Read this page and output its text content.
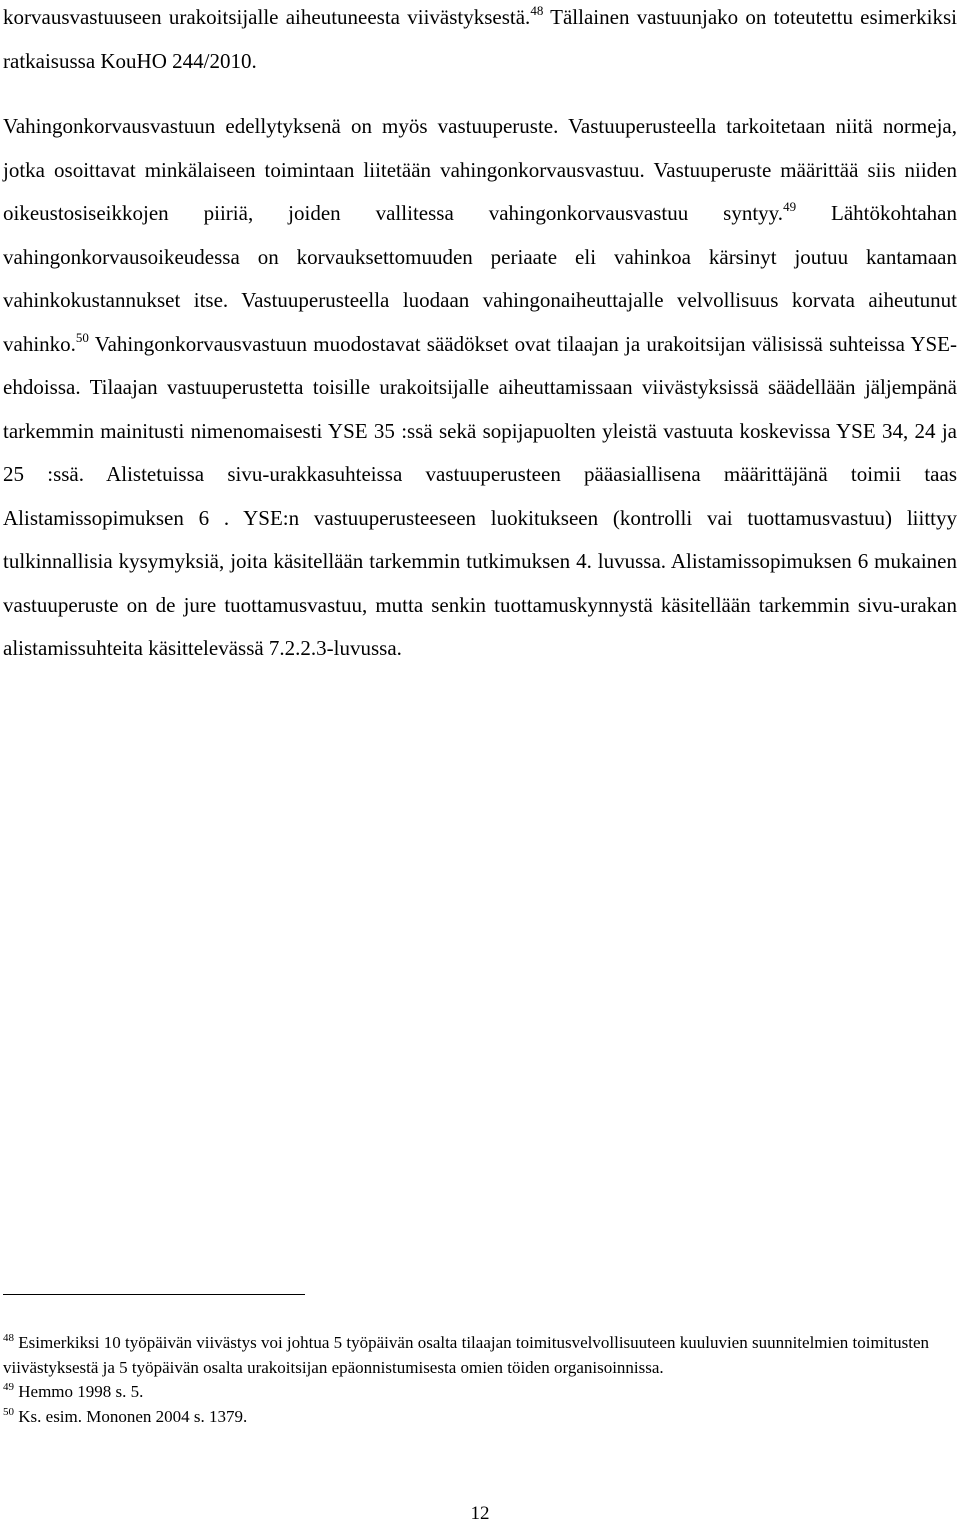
korvausvastuuseen urakoitsijalle aiheutuneesta viivästyksestä.$^{48}$ Tällainen vastuunjako on toteutettu esimerkiksi ratkaisussa KouHO 244/2010.

Vahingonkorvausvastuun edellytyksenä on myös vastuuperuste. Vastuuperusteella tarkoitetaan niitä normeja, jotka osoittavat minkälaiseen toimintaan liitetään vahingonkorvausvastuu. Vastuuperuste määrittää siis niiden oikeustosiseikkojen piiriä, joiden vallitessa vahingonkorvausvastuu syntyy.$^{49}$ Lähtökohtahan vahingonkorvausoikeudessa on korvauksettomuuden periaate eli vahinkoa kärsinyt joutuu kantamaan vahinkokustannukset itse. Vastuuperusteella luodaan vahingonaiheuttajalle velvollisuus korvata aiheutunut vahinko.$^{50}$ Vahingonkorvausvastuun muodostavat säädökset ovat tilaajan ja urakoitsijan välisissä suhteissa YSE-ehdoissa. Tilaajan vastuuperustetta toisille urakoitsijalle aiheuttamissaan viivästyksissä säädellään jäljempänä tarkemmin mainitusti nimenomaisesti YSE 35 :ssä sekä sopijapuolten yleistä vastuuta koskevissa YSE 34, 24 ja 25 :ssä. Alistetuissa sivu-urakkasuhteissa vastuuperusteen pääasiallisena määrittäjänä toimii taas Alistamissopimuksen 6 . YSE:n vastuuperusteeseen luokitukseen (kontrolli vai tuottamusvastuu) liittyy tulkinnallisia kysymyksiä, joita käsitellään tarkemmin tutkimuksen 4. luvussa. Alistamissopimuksen 6 mukainen vastuuperuste on de jure tuottamusvastuu, mutta senkin tuottamuskynnystä käsitellään tarkemmin sivu-urakan alistamissuhteita käsittelevässä 7.2.2.3-luvussa.

$^{48}$ Esimerkiksi 10 työpäivän viivästys voi johtua 5 työpäivän osalta tilaajan toimitusvelvollisuuteen kuuluvien suunnitelmien toimitusten viivästyksestä ja 5 työpäivän osalta urakoitsijan epäonnistumisesta omien töiden organisoinnissa.

$^{49}$ Hemmo 1998 s. 5.

$^{50}$ Ks. esim. Mononen 2004 s. 1379.

12
